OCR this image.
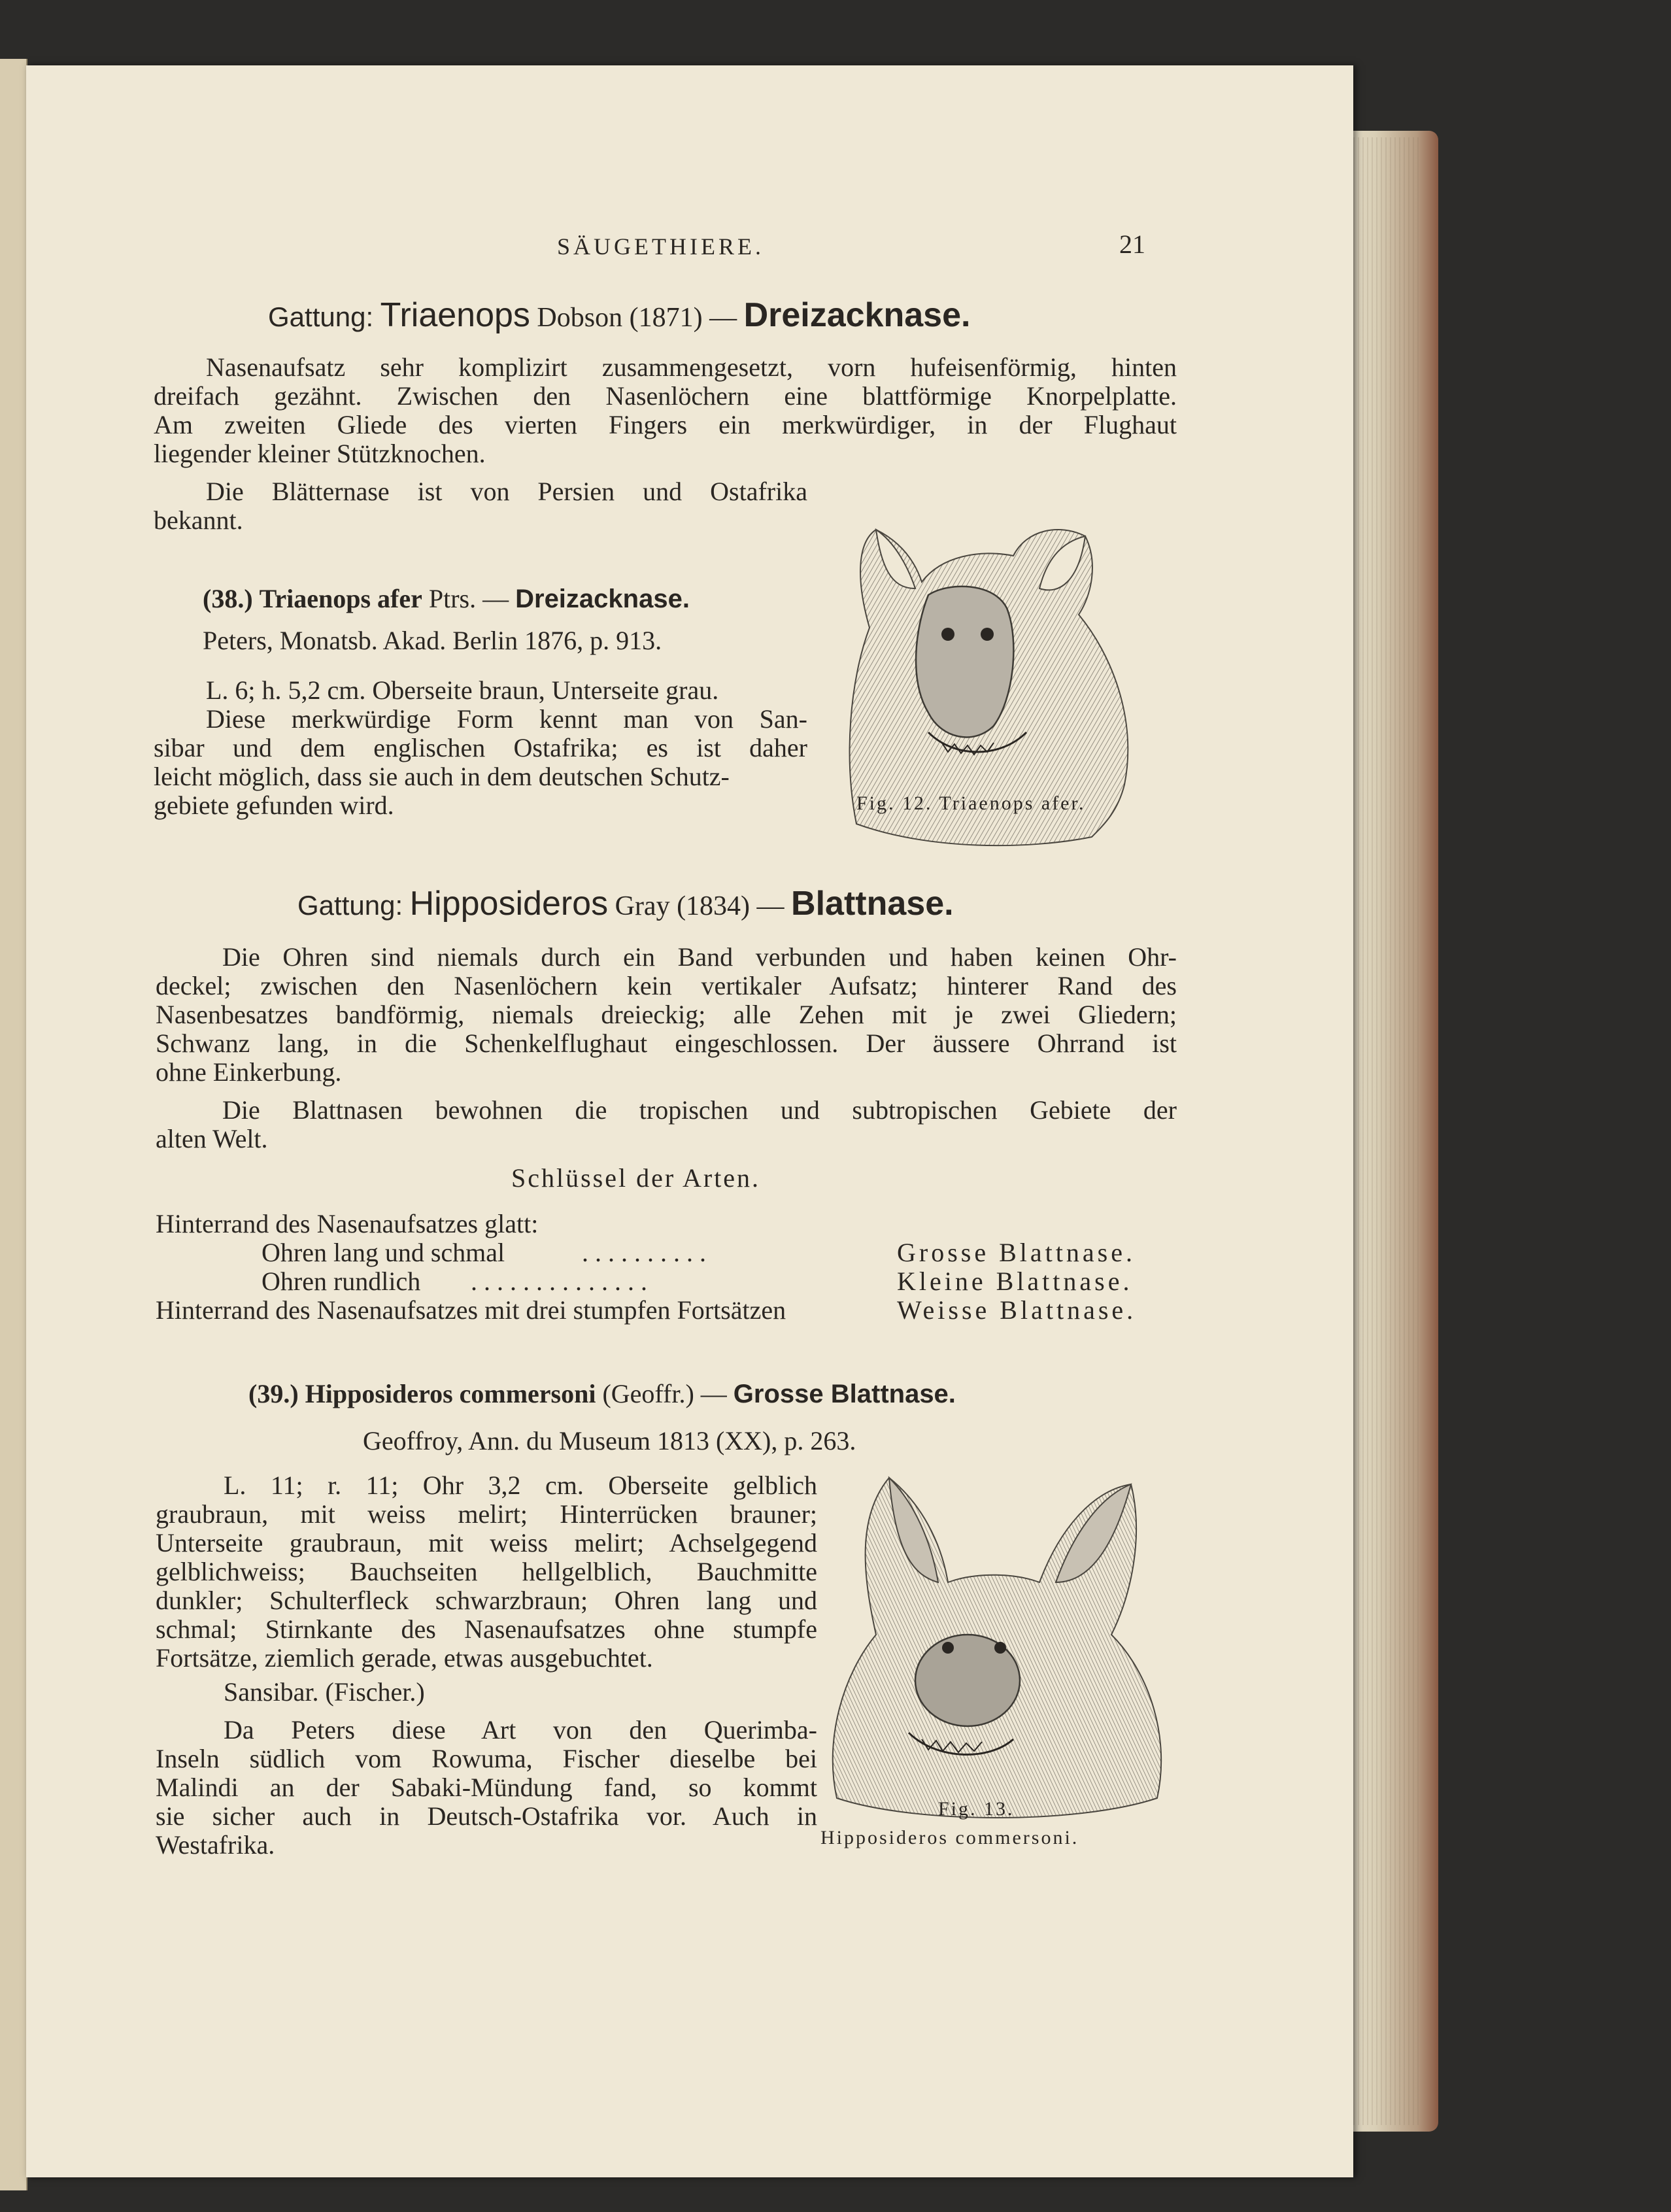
SÄUGETHIERE.	21
Gattung: Triaenops Dobson (1871) — Dreizacknase.
Nasenaufsatz sehr komplizirt zusammengesetzt, vorn hufeisenförmig, hinten
dreifach gezähnt. Zwischen den Nasenlöchern eine blattförmige Knorpelplatte.
Am zweiten Gliede des vierten Fingers ein merkwürdiger, in der Flughaut
liegender kleiner Stützknochen.
Die Blätternase ist von Persien und Ostafrika
bekannt.
(38.) Triaenops afer Ptrs. — Dreizacknase.
Peters, Monatsb. Akad. Berlin 1876, p. 913.
L. 6; h. 5,2 cm. Oberseite braun, Unterseite grau.
Diese merkwürdige Form kennt man von San-
sibar und dem englischen Ostafrika; es ist daher
leicht möglich, dass sie auch in dem deutschen Schutz-
gebiete gefunden wird.	Fig. 12. Triaenops afer.
Gattung: Hipposideros Gray (1834) — Blattnase.
Die Ohren sind niemals durch ein Band verbunden und haben keinen Ohr-
deckel; zwischen den Nasenlöchern kein vertikaler Aufsatz; hinterer Rand des
Nasenbesatzes bandförmig, niemals dreieckig; alle Zehen mit je zwei Gliedern;
Schwanz lang, in die Schenkelflughaut eingeschlossen. Der äussere Ohrrand ist
ohne Einkerbung.
Die Blattnasen bewohnen die tropischen und subtropischen Gebiete der
alten Welt.
Schlüssel der Arten.
Hinterrand des Nasenaufsatzes glatt:
Ohren lang und schmal	. . . . . . . . . .	Grosse Blattnase.
Ohren rundlich . . . . . . . . . . . . . .	Kleine Blattnase.
Hinterrand des Nasenaufsatzes mit drei stumpfen Fortsätzen	Weisse Blattnase.
(39.) Hipposideros commersoni (Geoffr.) — Grosse Blattnase.
Geoffroy, Ann. du Museum 1813 (XX), p. 263.
L. 11; r. 11; Ohr 3,2 cm. Oberseite gelblich
graubraun, mit weiss melirt; Hinterrücken brauner;
Unterseite graubraun, mit weiss melirt; Achselgegend
gelblichweiss; Bauchseiten hellgelblich, Bauchmitte
dunkler; Schulterfleck schwarzbraun; Ohren lang und
schmal; Stirnkante des Nasenaufsatzes ohne stumpfe
Fortsätze, ziemlich gerade, etwas ausgebuchtet.
Sansibar. (Fischer.)
Da Peters diese Art von den Querimba-
Inseln südlich vom Rowuma, Fischer dieselbe bei
Malindi an der Sabaki-Mündung fand, so kommt
sie sicher auch in Deutsch-Ostafrika vor. Auch in
Westafrika.
Fig. 13.
Hipposideros commersoni.
